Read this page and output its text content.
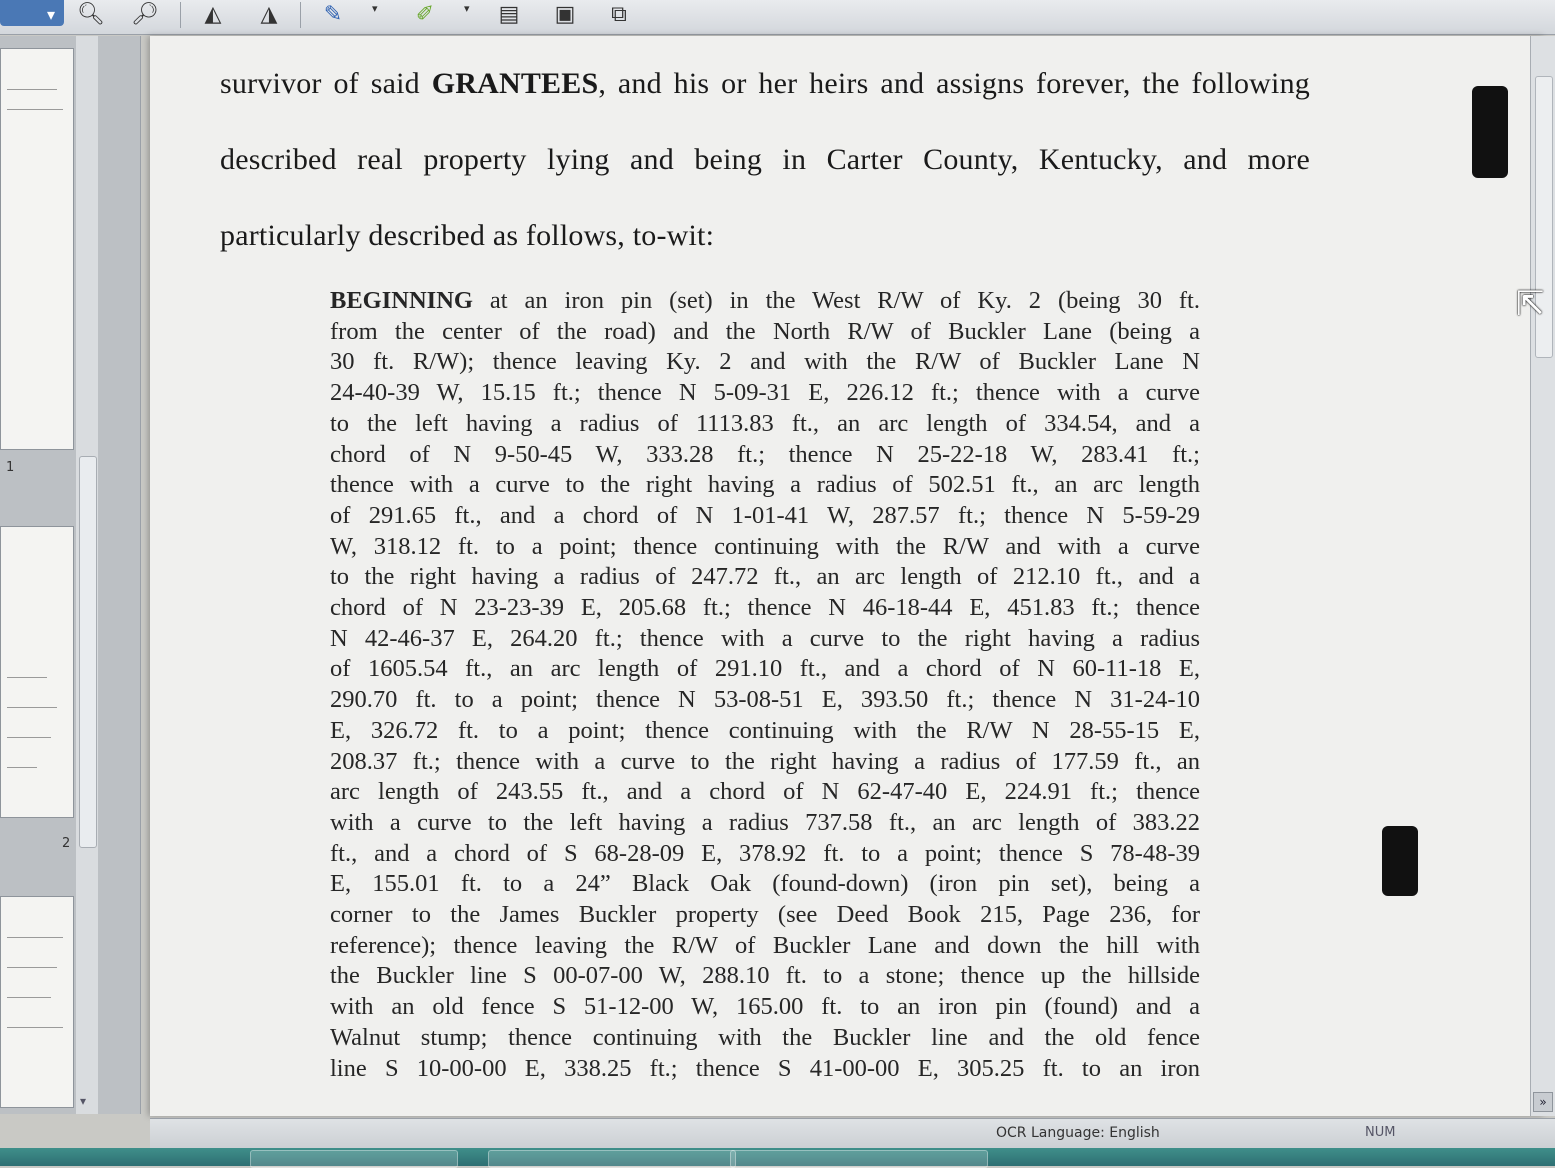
▾	🔍︎ 🔎︎	◭	◮	✎	▾	✐	▾ ▤	▣	⧉
1
2
▾
survivor of said GRANTEES, and his or her heirs and assigns forever, the following
described real property lying and being in Carter County, Kentucky, and more
particularly described as follows, to-wit:
BEGINNING at an iron pin (set) in the West R/W of Ky. 2 (being 30 ft.
from the center of the road) and the North R/W of Buckler Lane (being a
30 ft. R/W); thence leaving Ky. 2 and with the R/W of Buckler Lane N
24-40-39 W, 15.15 ft.; thence N 5-09-31 E, 226.12 ft.; thence with a curve
to the left having a radius of 1113.83 ft., an arc length of 334.54, and a
chord of N 9-50-45 W, 333.28 ft.; thence N 25-22-18 W, 283.41 ft.;
thence with a curve to the right having a radius of 502.51 ft., an arc length
of 291.65 ft., and a chord of N 1-01-41 W, 287.57 ft.; thence N 5-59-29
W, 318.12 ft. to a point; thence continuing with the R/W and with a curve
to the right having a radius of 247.72 ft., an arc length of 212.10 ft., and a
chord of N 23-23-39 E, 205.68 ft.; thence N 46-18-44 E, 451.83 ft.; thence
N 42-46-37 E, 264.20 ft.; thence with a curve to the right having a radius
of 1605.54 ft., an arc length of 291.10 ft., and a chord of N 60-11-18 E,
290.70 ft. to a point; thence N 53-08-51 E, 393.50 ft.; thence N 31-24-10
E, 326.72 ft. to a point; thence continuing with the R/W N 28-55-15 E,
208.37 ft.; thence with a curve to the right having a radius of 177.59 ft., an
arc length of 243.55 ft., and a chord of N 62-47-40 E, 224.91 ft.; thence
with a curve to the left having a radius 737.58 ft., an arc length of 383.22
ft., and a chord of S 68-28-09 E, 378.92 ft. to a point; thence S 78-48-39
E, 155.01 ft. to a 24” Black Oak (found-down) (iron pin set), being a
corner to the James Buckler property (see Deed Book 215, Page 236, for
reference); thence leaving the R/W of Buckler Lane and down the hill with
the Buckler line S 00-07-00 W, 288.10 ft. to a stone; thence up the hillside
with an old fence S 51-12-00 W, 165.00 ft. to an iron pin (found) and a
Walnut stump; thence continuing with the Buckler line and the old fence
line S 10-00-00 E, 338.25 ft.; thence S 41-00-00 E, 305.25 ft. to an iron
»
⇱
OCR Language: English	NUM
